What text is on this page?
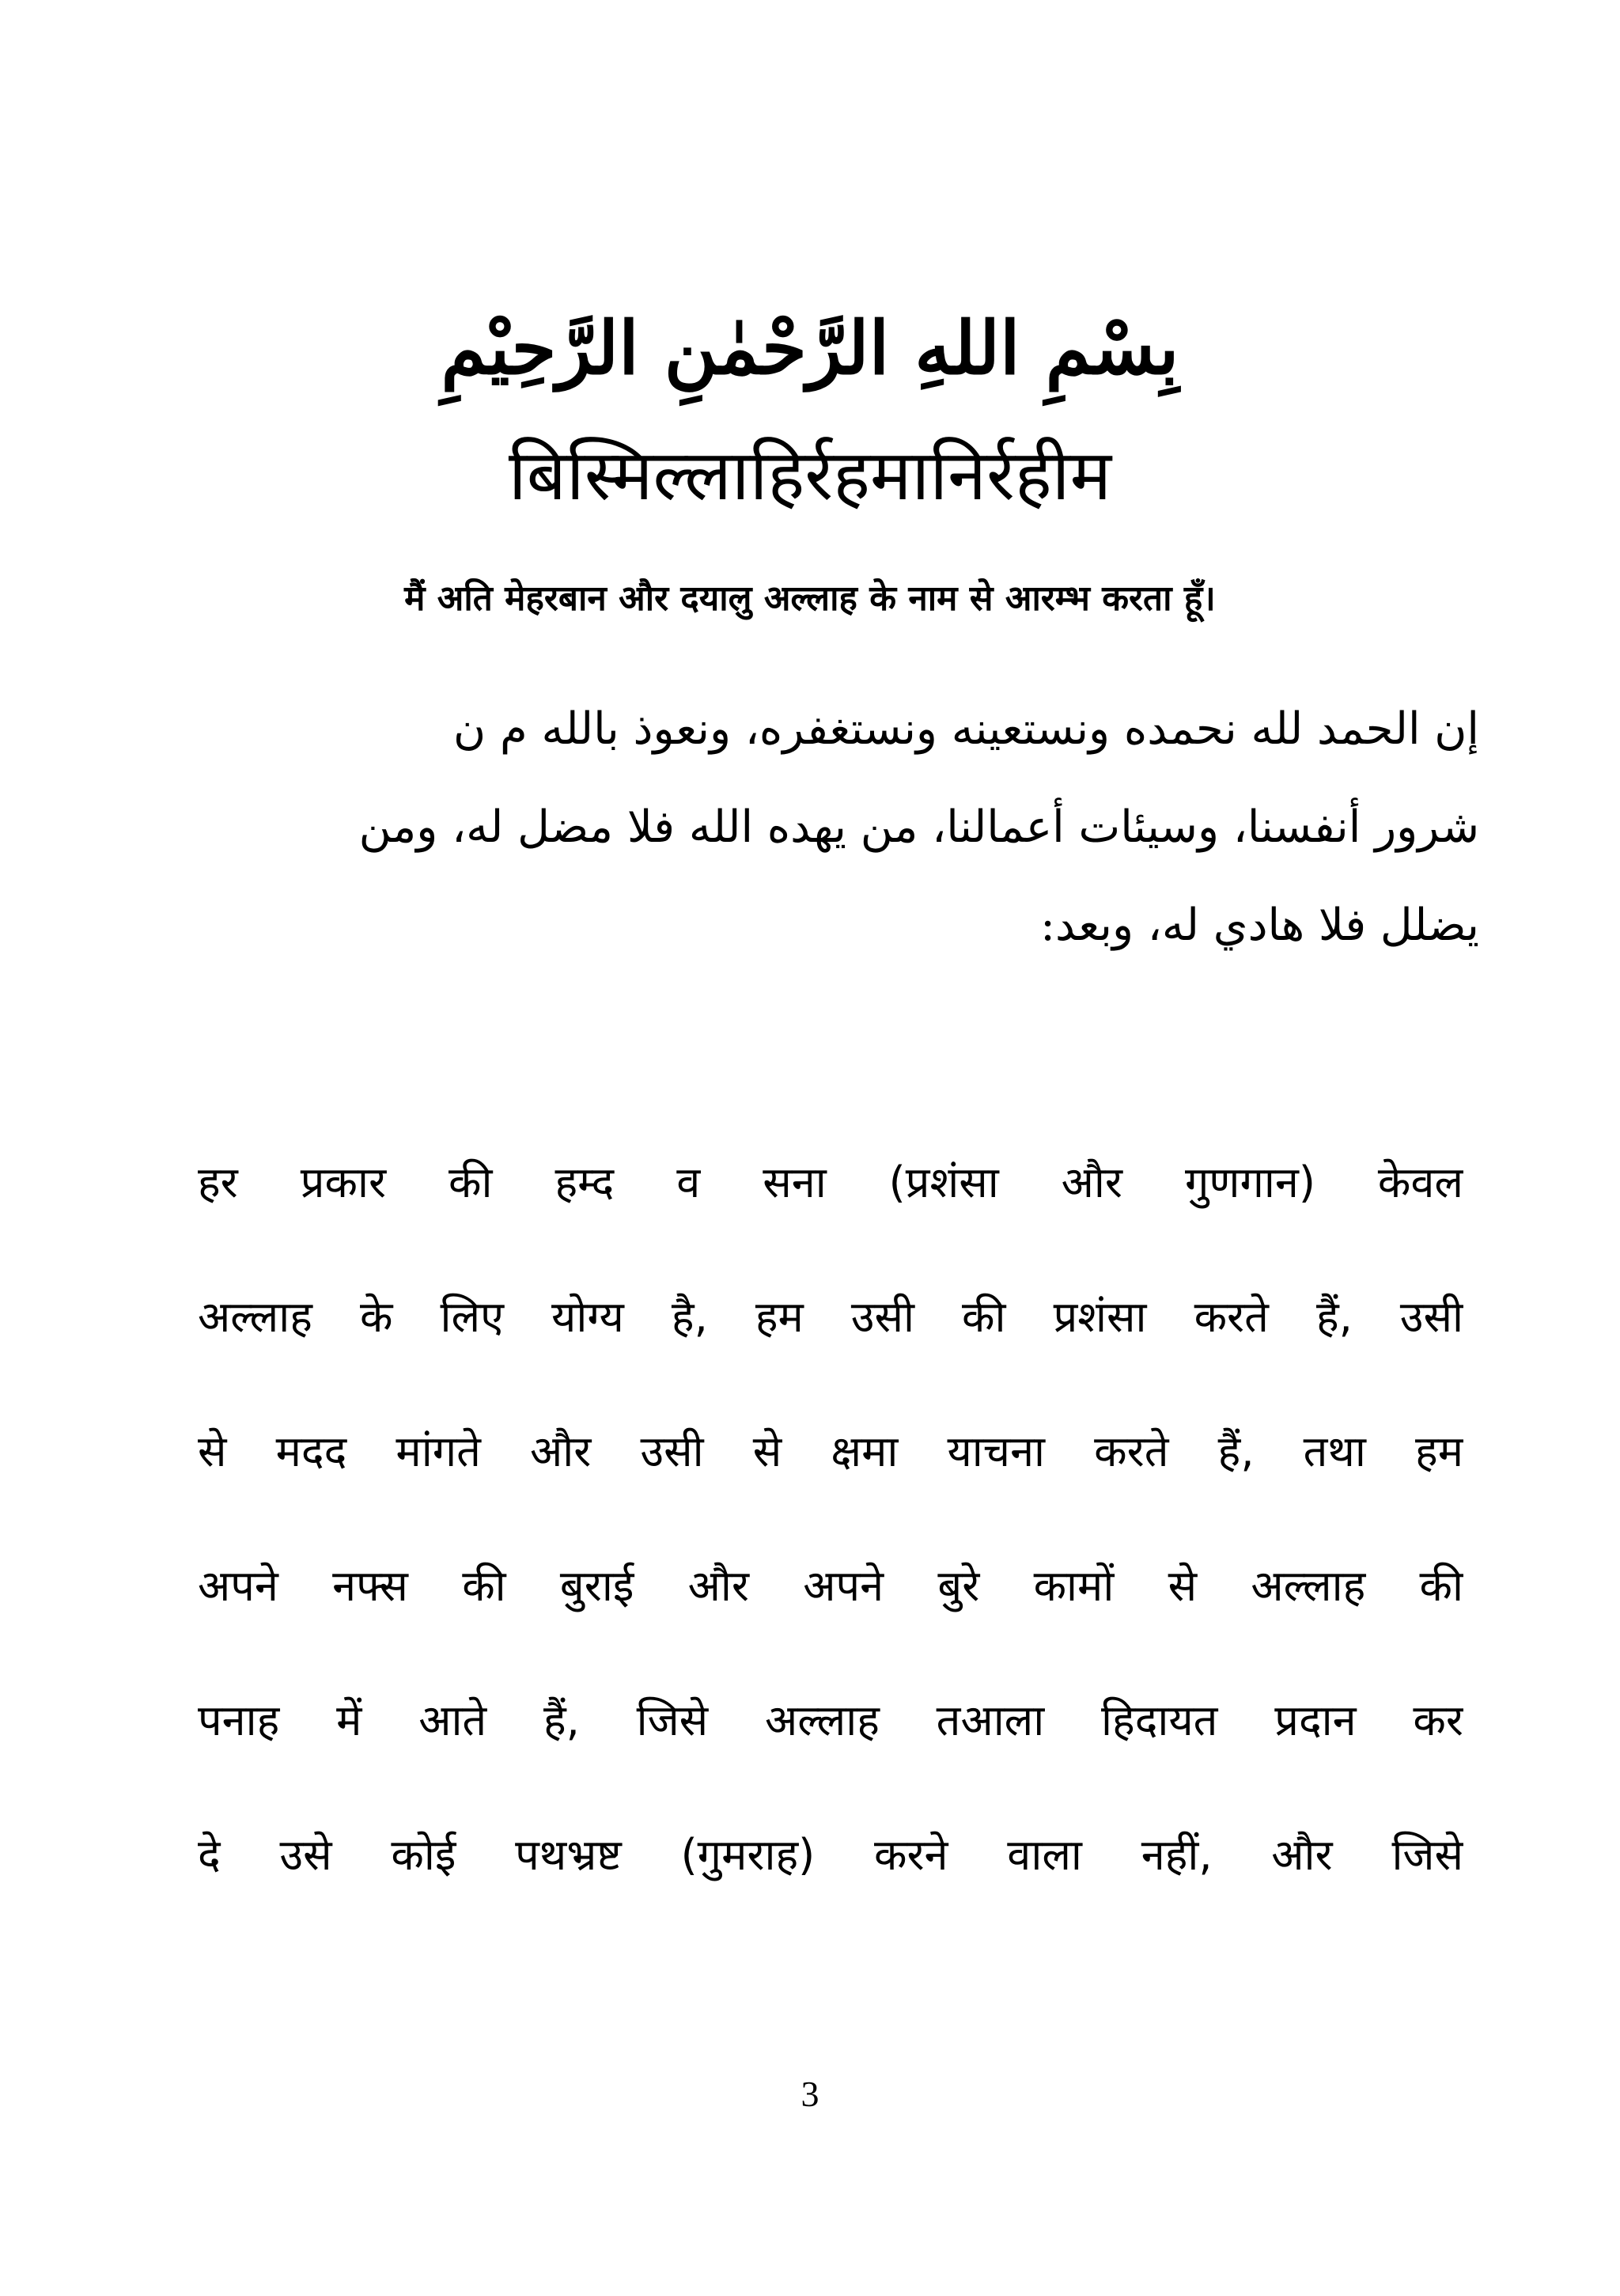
بِسْمِ اللهِ الرَّحْمٰنِ الرَّحِيْمِ
बिस्मिल्लाहिर्रहमानिर्रहीम
मैं अति मेहरबान और दयालु अल्लाह के नाम से आरम्भ करता हूँ।
إن الحمد لله نحمده ونستعينه ونستغفره، ونعوذ بالله م ن
شرور أنفسنا، وسيئات أعمالنا، من يهده الله فلا مضل له، ومن
يضلل فلا هادي له، وبعد:
हर प्रकार की हम्द व सना (प्रशंसा और गुणगान) केवल
अल्लाह के लिए योग्य है, हम उसी की प्रशंसा करते हैं, उसी
से मदद मांगते और उसी से क्षमा याचना करते हैं, तथा हम
अपने नफ्स की बुराई और अपने बुरे कामों से अल्लाह की
पनाह में आते हैं, जिसे अल्लाह तआला हिदायत प्रदान कर
दे उसे कोई पथभ्रष्ट (गुमराह) करने वाला नहीं, और जिसे
3
